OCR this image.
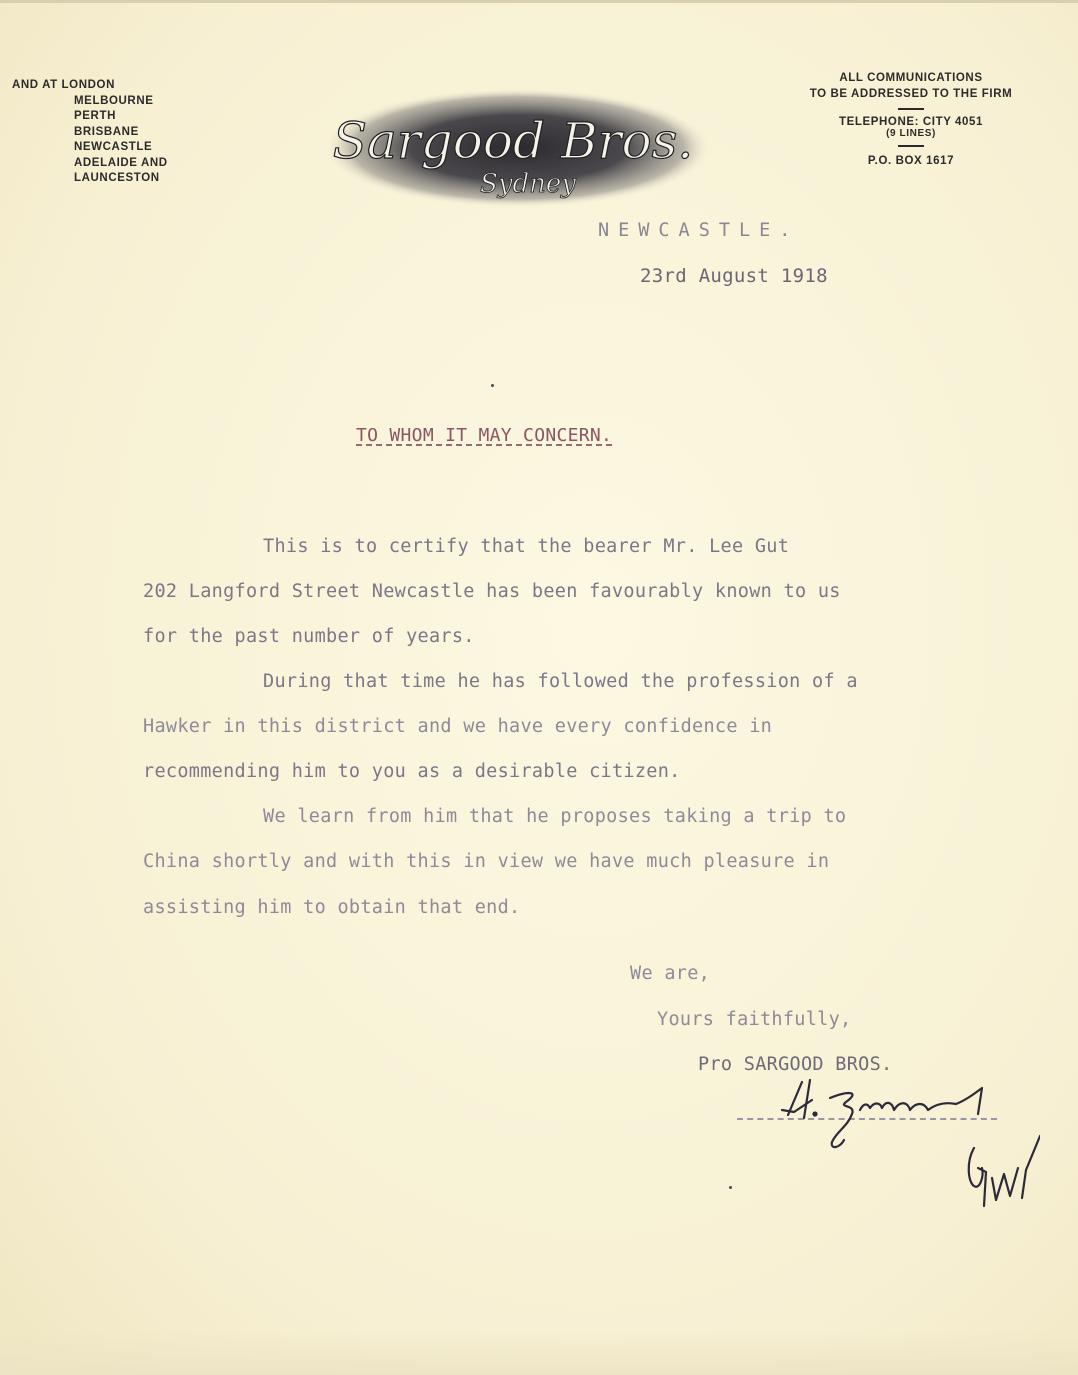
AND AT LONDON
MELBOURNE
PERTH
BRISBANE
NEWCASTLE
ADELAIDE AND
LAUNCESTON
Sargood Bros.
Sydney
ALL COMMUNICATIONS
TO BE ADDRESSED TO THE FIRM
TELEPHONE: CITY 4051
(9 LINES)
P.O. BOX 1617
NEWCASTLE.
23rd August 1918
TO WHOM IT MAY CONCERN.
This is to certify that the bearer Mr. Lee Gut
202 Langford Street Newcastle has been favourably known to us
for the past number of years.
During that time he has followed the profession of a
Hawker in this district and we have every confidence in
recommending him to you as a desirable citizen.
We learn from him that he proposes taking a trip to
China shortly and with this in view we have much pleasure in
assisting him to obtain that end.
We are,
Yours faithfully,
Pro SARGOOD BROS.
